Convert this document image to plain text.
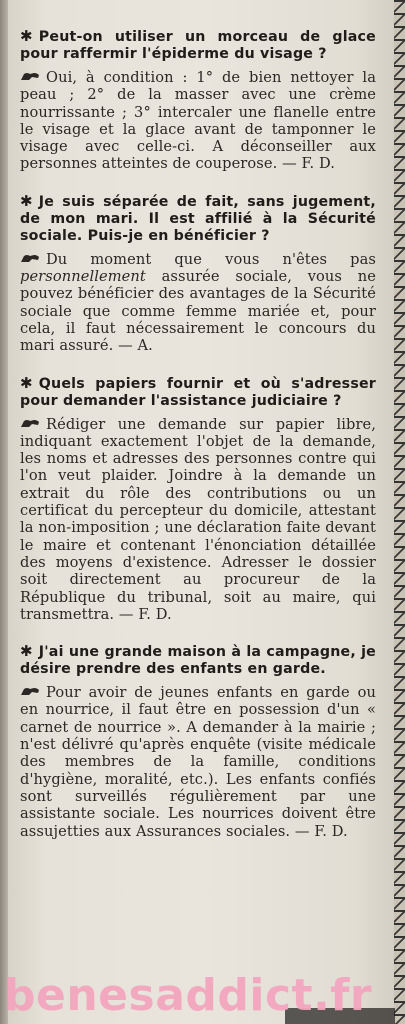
✱ Peut-on utiliser un morceau de glace pour raffermir l'épiderme du visage ?

Oui, à condition : 1° de bien nettoyer la peau ; 2° de la masser avec une crème nourrissante ; 3° intercaler une flanelle entre le visage et la glace avant de tamponner le visage avec celle-ci. A déconseiller aux personnes atteintes de couperose. — F. D.

✱ Je suis séparée de fait, sans jugement, de mon mari. Il est affilié à la Sécurité sociale. Puis-je en bénéficier ?

Du moment que vous n'êtes pas personnellement assurée sociale, vous ne pouvez bénéficier des avantages de la Sécurité sociale que comme femme mariée et, pour cela, il faut nécessairement le concours du mari assuré. — A.

✱ Quels papiers fournir et où s'adresser pour demander l'assistance judiciaire ?

Rédiger une demande sur papier libre, indiquant exactement l'objet de la demande, les noms et adresses des personnes contre qui l'on veut plaider. Joindre à la demande un extrait du rôle des contributions ou un certificat du percepteur du domicile, attestant la non-imposition ; une déclaration faite devant le maire et contenant l'énonciation détaillée des moyens d'existence. Adresser le dossier soit directement au procureur de la République du tribunal, soit au maire, qui transmettra. — F. D.

✱ J'ai une grande maison à la campagne, je désire prendre des enfants en garde.

Pour avoir de jeunes enfants en garde ou en nourrice, il faut être en possession d'un « carnet de nourrice ». A demander à la mairie ; n'est délivré qu'après enquête (visite médicale des membres de la famille, conditions d'hygiène, moralité, etc.). Les enfants confiés sont surveillés régulièrement par une assistante sociale. Les nourrices doivent être assujetties aux Assurances sociales. — F. D.

benesaddict.fr
